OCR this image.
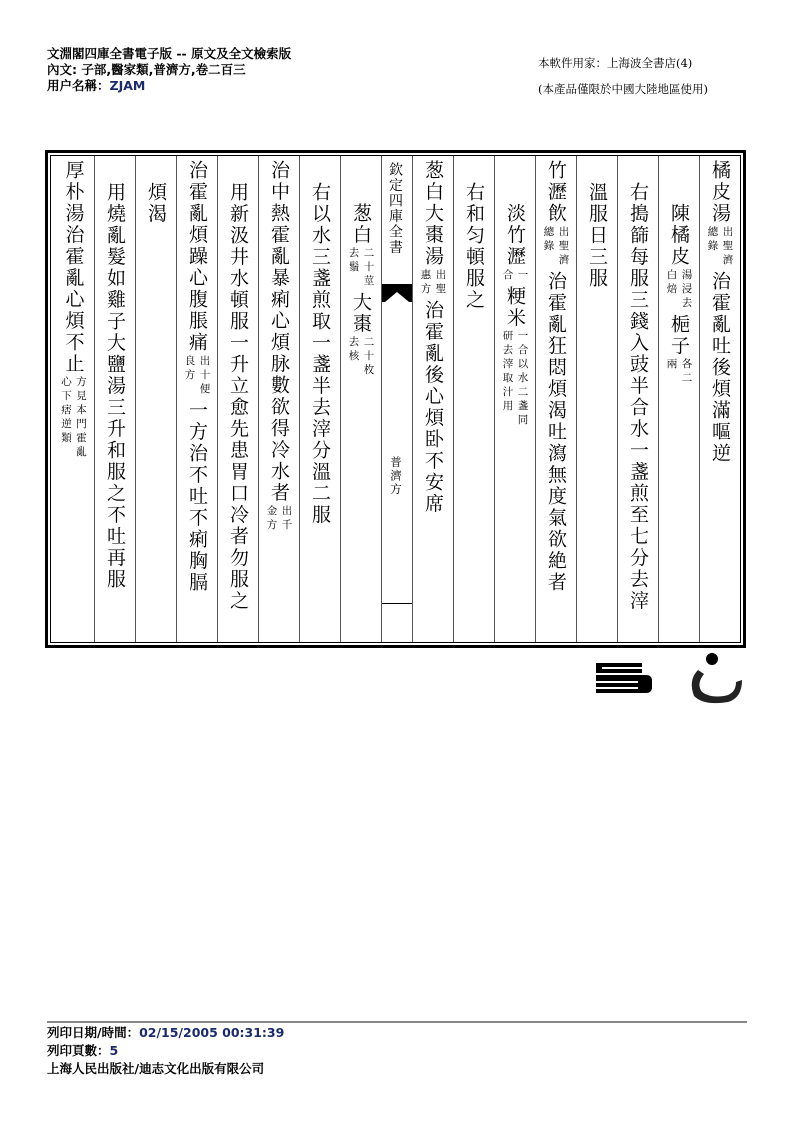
文淵閣四庫全書電子版 -- 原文及全文檢索版
內文: 子部,醫家類,普濟方,卷二百三
用户名稱：ZJAM
本軟件用家：上海波全書店(4)
(本產品僅限於中國大陸地區使用)
橘皮湯
出聖濟
總錄
治霍亂吐後煩滿嘔逆
陳橘皮
湯浸去
白焙
梔子
各二
兩
右搗篩每服三錢入豉半合水一盞煎至七分去滓
溫服日三服
竹瀝飲
出聖濟
總錄
治霍亂狂悶煩渴吐瀉無度氣欲絶者
淡竹瀝
一
合
粳米
一合以水二盞同
研去滓取汁用
右和匀頓服之
葱白大棗湯
出聖
惠方
治霍亂後心煩卧不安席
欽定四庫全書
普濟方
葱白
二十莖
去鬚
大棗
二十枚
去核
右以水三盞煎取一盞半去滓分溫二服
治中熱霍亂暴痢心煩脉數欲得冷水者
出千
金方
用新汲井水頓服一升立愈先患胃口冷者勿服之
治霍亂煩躁心腹脹痛
出十便
良方
一方治不吐不痢胸膈
煩渴
用燒亂髮如雞子大鹽湯三升和服之不吐再服
厚朴湯治霍亂心煩不止
方見本門霍亂
心下痞逆類
列印日期/時間：02/15/2005 00:31:39
列印頁數：5
上海人民出版社/迪志文化出版有限公司
